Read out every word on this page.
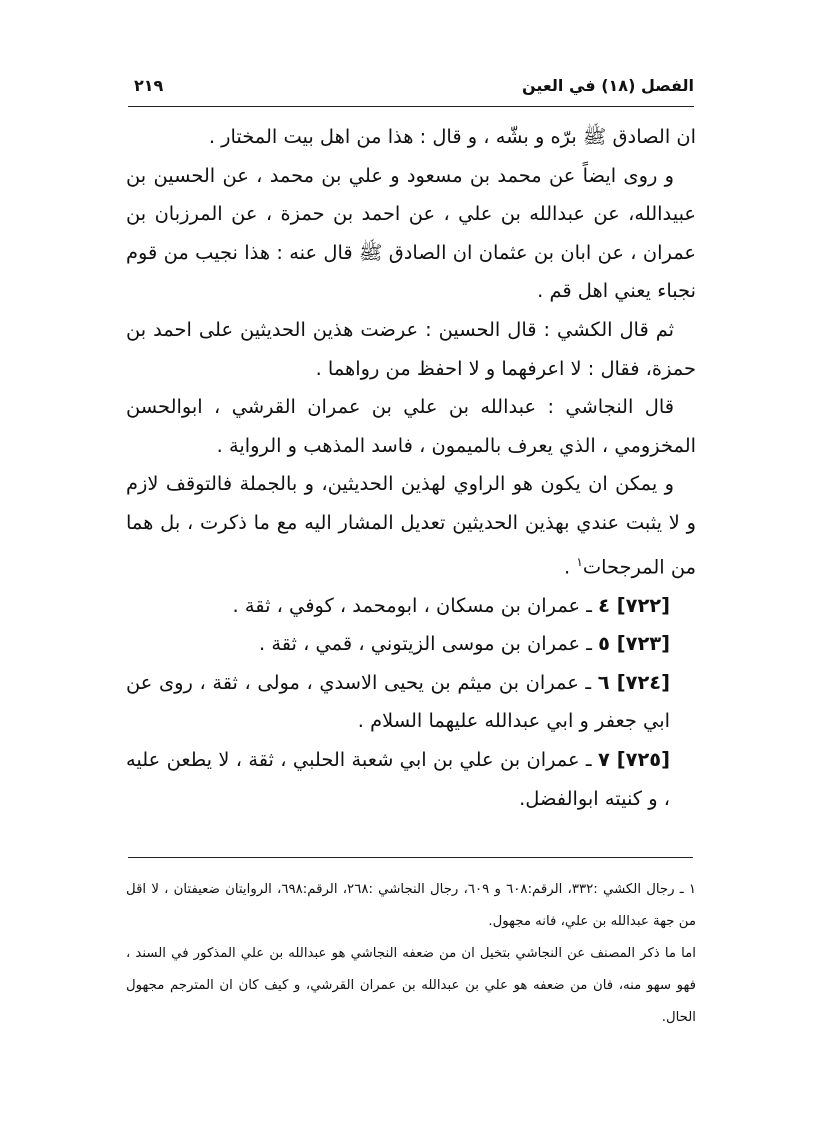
الفصل (١٨) في العين
٢١٩

ان الصادق ﷺ برّه و بشّه ، و قال : هذا من اهل بيت المختار .

و روى ايضاً عن محمد بن مسعود و علي بن محمد ، عن الحسين بن عبيدالله، عن عبدالله بن علي ، عن احمد بن حمزة ، عن المرزبان بن عمران ، عن ابان بن عثمان ان الصادق ﷺ قال عنه : هذا نجيب من قوم نجباء يعني اهل قم .

ثم قال الكشي : قال الحسين : عرضت هذين الحديثين على احمد بن حمزة، فقال : لا اعرفهما و لا احفظ من رواهما .

قال النجاشي : عبدالله بن علي بن عمران القرشي ، ابوالحسن المخزومي ، الذي يعرف بالميمون ، فاسد المذهب و الرواية .

و يمكن ان يكون هو الراوي لهذين الحديثين، و بالجملة فالتوقف لازم و لا يثبت عندي بهذين الحديثين تعديل المشار اليه مع ما ذكرت ، بل هما من المرجحات$^١$ .

[٧٢٢] ٤ ـ عمران بن مسكان ، ابومحمد ، كوفي ، ثقة .

[٧٢٣] ٥ ـ عمران بن موسى الزيتوني ، قمي ، ثقة .

[٧٢٤] ٦ ـ عمران بن ميثم بن يحيى الاسدي ، مولى ، ثقة ، روى عن ابي جعفر و ابي عبدالله عليهما السلام .

[٧٢٥] ٧ ـ عمران بن علي بن ابي شعبة الحلبي ، ثقة ، لا يطعن عليه ، و كنيته ابوالفضل.

١ ـ رجال الكشي :٣٣٢، الرقم:٦٠٨ و ٦٠٩، رجال النجاشي :٢٦٨، الرقم:٦٩٨، الروايتان ضعيفتان ، لا اقل من جهة عبدالله بن علي، فانه مجهول.

اما ما ذكر المصنف عن النجاشي بتخيل ان من ضعفه النجاشي هو عبدالله بن علي المذكور في السند ، فهو سهو منه، فان من ضعفه هو علي بن عبدالله بن عمران القرشي، و كيف كان ان المترجم مجهول الحال.
